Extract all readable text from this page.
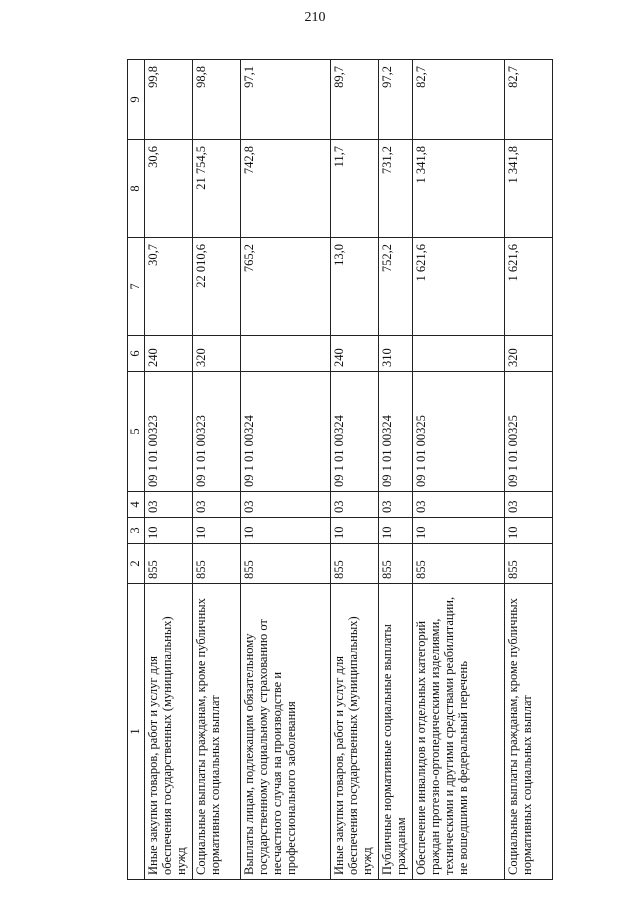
210
1	2	3	4	5	6	7	8	9
Иные закупки товаров, работ и услуг для обеспечения государственных (муниципальных) нужд	855	10	03	09 1 01 00323	240	30,7	30,6	99,8
Социальные выплаты гражданам, кроме публичных нормативных социальных выплат	855	10	03	09 1 01 00323	320	22 010,6	21 754,5	98,8
Выплаты лицам, подлежащим обязательному государственному социальному страхованию от несчастного случая на производстве и профессионального заболевания	855	10	03	09 1 01 00324		765,2	742,8	97,1
Иные закупки товаров, работ и услуг для обеспечения государственных (муниципальных) нужд	855	10	03	09 1 01 00324	240	13,0	11,7	89,7
Публичные нормативные социальные выплаты гражданам	855	10	03	09 1 01 00324	310	752,2	731,2	97,2
Обеспечение инвалидов и отдельных категорий граждан протезно-ортопедическими изделиями, техническими и другими средствами реабилитации, не вошедшими в федеральный перечень	855	10	03	09 1 01 00325		1 621,6	1 341,8	82,7
Социальные выплаты гражданам, кроме публичных нормативных социальных выплат	855	10	03	09 1 01 00325	320	1 621,6	1 341,8	82,7
